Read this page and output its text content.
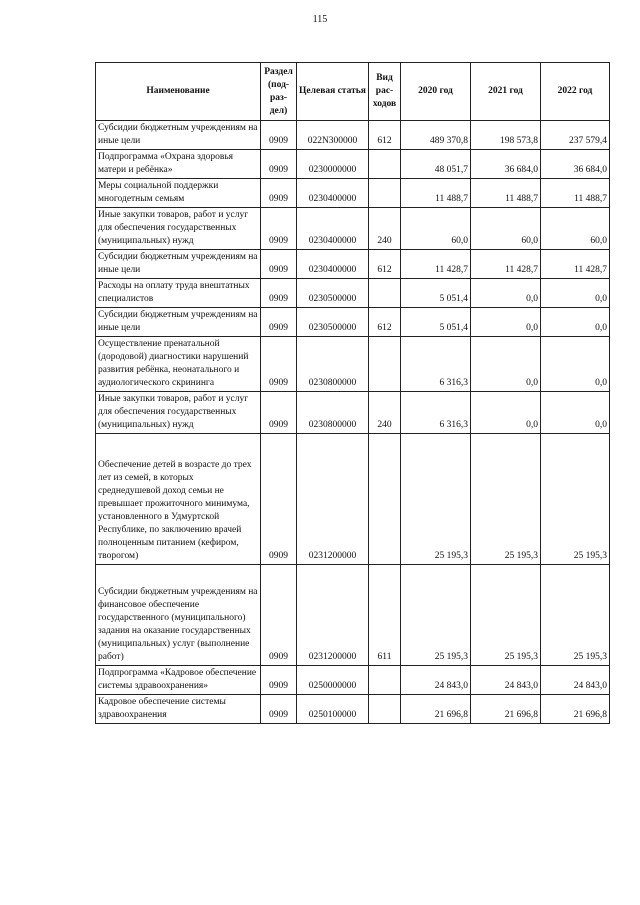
115
Наименование	Раздел (под-раз-дел)	Целевая статья	Вид рас-ходов	2020 год	2021 год	2022 год
Субсидии бюджетным учреждениям на иные цели	0909	022N300000	612	489 370,8	198 573,8	237 579,4
Подпрограмма «Охрана здоровья матери и ребёнка»	0909	0230000000		48 051,7	36 684,0	36 684,0
Меры социальной поддержки многодетным семьям	0909	0230400000		11 488,7	11 488,7	11 488,7
Иные закупки товаров, работ и услуг для обеспечения государственных (муниципальных) нужд	0909	0230400000	240	60,0	60,0	60,0
Субсидии бюджетным учреждениям на иные цели	0909	0230400000	612	11 428,7	11 428,7	11 428,7
Расходы на оплату труда внештатных специалистов	0909	0230500000		5 051,4	0,0	0,0
Субсидии бюджетным учреждениям на иные цели	0909	0230500000	612	5 051,4	0,0	0,0
Осуществление пренатальной (дородовой) диагностики нарушений развития ребёнка, неонатального и аудиологического скрининга	0909	0230800000		6 316,3	0,0	0,0
Иные закупки товаров, работ и услуг для обеспечения государственных (муниципальных) нужд	0909	0230800000	240	6 316,3	0,0	0,0
Обеспечение детей в возрасте до трех лет из семей, в которых среднедушевой доход семьи не превышает прожиточного минимума, установленного в Удмуртской Республике, по заключению врачей полноценным питанием (кефиром, творогом)	0909	0231200000		25 195,3	25 195,3	25 195,3
Субсидии бюджетным учреждениям на финансовое обеспечение государственного (муниципального) задания на оказание государственных (муниципальных) услуг (выполнение работ)	0909	0231200000	611	25 195,3	25 195,3	25 195,3
Подпрограмма «Кадровое обеспечение системы здравоохранения»	0909	0250000000		24 843,0	24 843,0	24 843,0
Кадровое обеспечение системы здравоохранения	0909	0250100000		21 696,8	21 696,8	21 696,8
